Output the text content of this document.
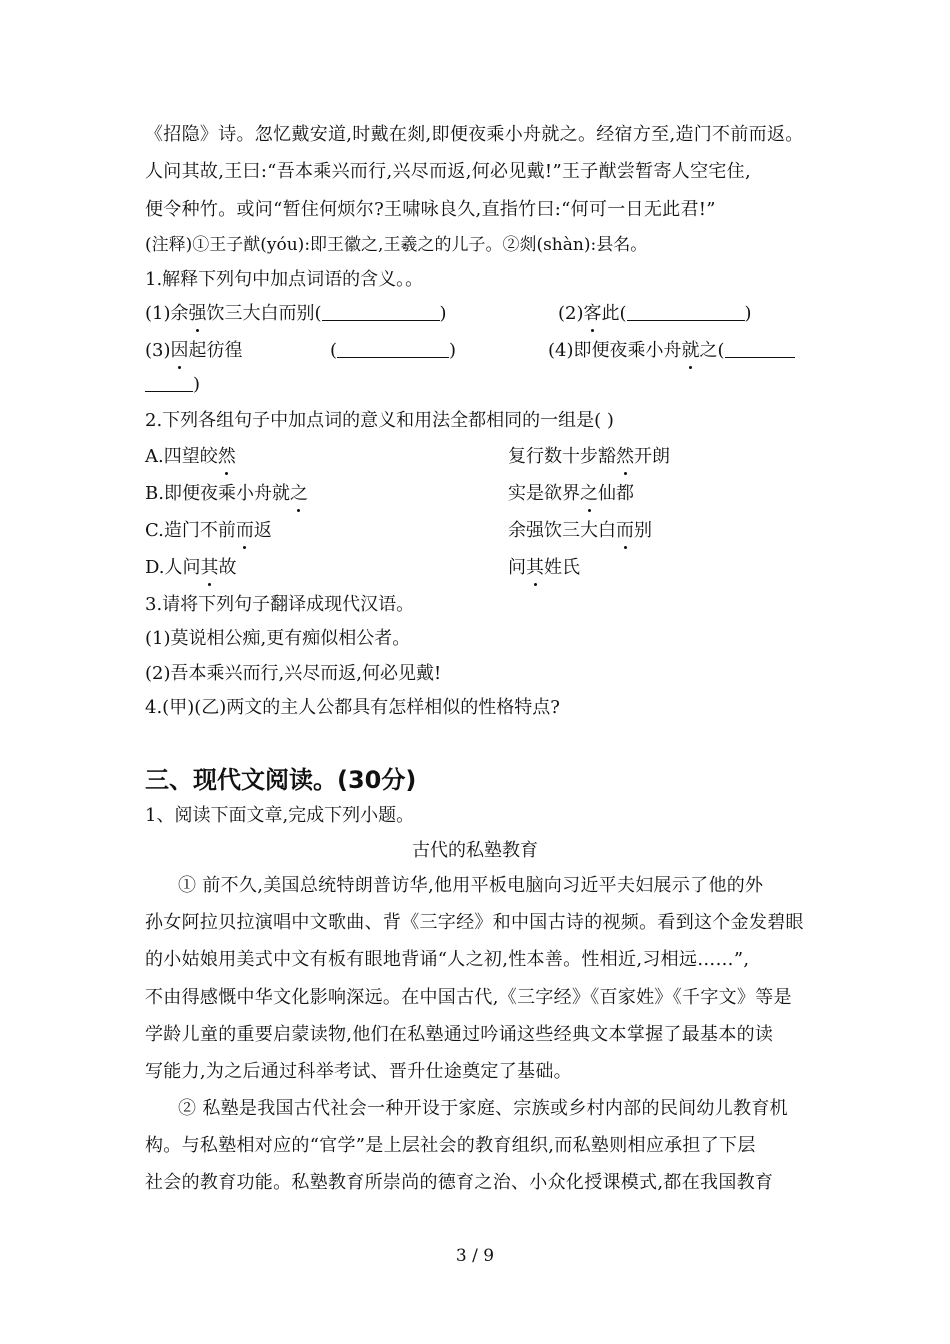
《招隐》诗。忽忆戴安道,时戴在剡,即便夜乘小舟就之。经宿方至,造门不前而返。
人问其故,王曰:“吾本乘兴而行,兴尽而返,何必见戴!”王子猷尝暂寄人空宅住,
便令种竹。或问“暂住何烦尔?王啸咏良久,直指竹曰:“何可一日无此君!”
(注释)①王子猷(yóu):即王徽之,王羲之的儿子。②剡(shàn):县名。
1.解释下列句中加点词语的含义。。
(1)余强饮三大白而别(	)	(2)客此(	)
(3)因起彷徨	(	)	(4)即便夜乘小舟就之(
)
2.下列各组句子中加点词的意义和用法全都相同的一组是( )
A.四望皎然	复行数十步豁然开朗
B.即便夜乘小舟就之	实是欲界之仙都
C.造门不前而返	余强饮三大白而别
D.人问其故	问其姓氏
3.请将下列句子翻译成现代汉语。
(1)莫说相公痴,更有痴似相公者。
(2)吾本乘兴而行,兴尽而返,何必见戴!
4.(甲)(乙)两文的主人公都具有怎样相似的性格特点?
三、现代文阅读。(30分)
1、阅读下面文章,完成下列小题。
古代的私塾教育
① 前不久,美国总统特朗普访华,他用平板电脑向习近平夫妇展示了他的外
孙女阿拉贝拉演唱中文歌曲、背《三字经》和中国古诗的视频。看到这个金发碧眼
的小姑娘用美式中文有板有眼地背诵“人之初,性本善。性相近,习相远……”,
不由得感慨中华文化影响深远。在中国古代,《三字经》《百家姓》《千字文》等是
学龄儿童的重要启蒙读物,他们在私塾通过吟诵这些经典文本掌握了最基本的读
写能力,为之后通过科举考试、晋升仕途奠定了基础。
② 私塾是我国古代社会一种开设于家庭、宗族或乡村内部的民间幼儿教育机
构。与私塾相对应的“官学”是上层社会的教育组织,而私塾则相应承担了下层
社会的教育功能。私塾教育所崇尚的德育之治、小众化授课模式,都在我国教育
3 / 9
